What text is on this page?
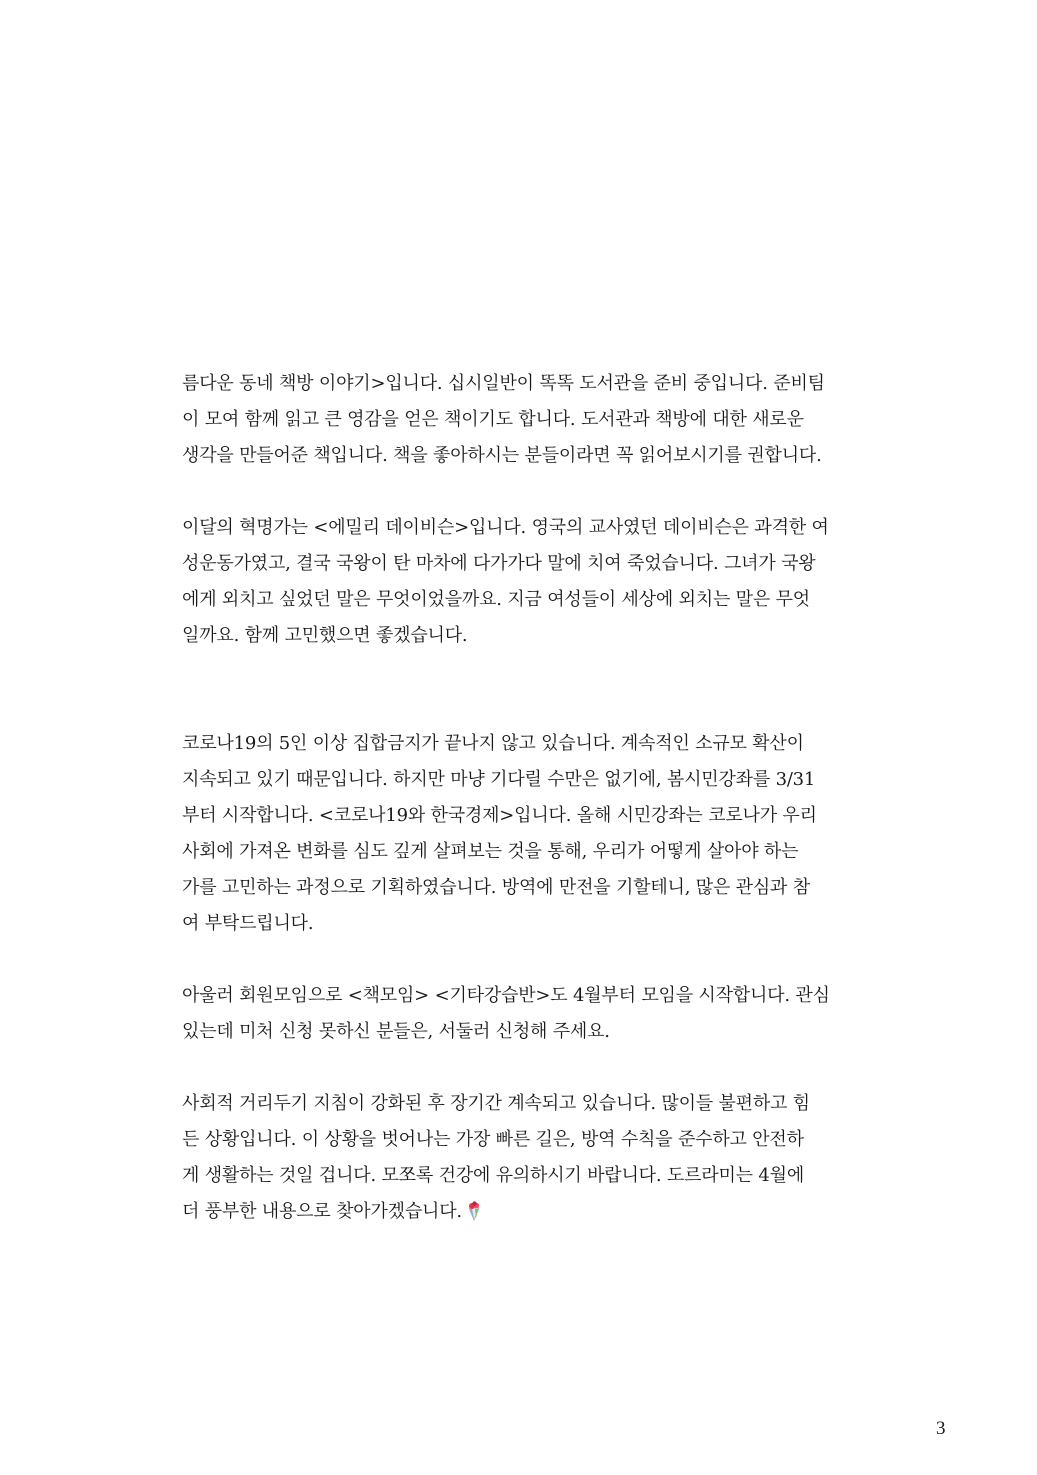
름다운 동네 책방 이야기>입니다. 십시일반이 똑똑 도서관을 준비 중입니다. 준비팀
이 모여 함께 읽고 큰 영감을 얻은 책이기도 합니다. 도서관과 책방에 대한 새로운
생각을 만들어준 책입니다. 책을 좋아하시는 분들이라면 꼭 읽어보시기를 권합니다.

이달의 혁명가는 <에밀리 데이비슨>입니다. 영국의 교사였던 데이비슨은 과격한 여
성운동가였고, 결국 국왕이 탄 마차에 다가가다 말에 치여 죽었습니다. 그녀가 국왕
에게 외치고 싶었던 말은 무엇이었을까요. 지금 여성들이 세상에 외치는 말은 무엇
일까요. 함께 고민했으면 좋겠습니다.

코로나19의 5인 이상 집합금지가 끝나지 않고 있습니다. 계속적인 소규모 확산이
지속되고 있기 때문입니다. 하지만 마냥 기다릴 수만은 없기에, 봄시민강좌를 3/31
부터 시작합니다. <코로나19와 한국경제>입니다. 올해 시민강좌는 코로나가 우리
사회에 가져온 변화를 심도 깊게 살펴보는 것을 통해, 우리가 어떻게 살아야 하는
가를 고민하는 과정으로 기획하였습니다. 방역에 만전을 기할테니, 많은 관심과 참
여 부탁드립니다.

아울러 회원모임으로 <책모임> <기타강습반>도 4월부터 모임을 시작합니다. 관심
있는데 미처 신청 못하신 분들은, 서둘러 신청해 주세요.

사회적 거리두기 지침이 강화된 후 장기간 계속되고 있습니다. 많이들 불편하고 힘
든 상황입니다. 이 상황을 벗어나는 가장 빠른 길은, 방역 수칙을 준수하고 안전하
게 생활하는 것일 겁니다. 모쪼록 건강에 유의하시기 바랍니다. 도르라미는 4월에
더 풍부한 내용으로 찾아가겠습니다.

3
